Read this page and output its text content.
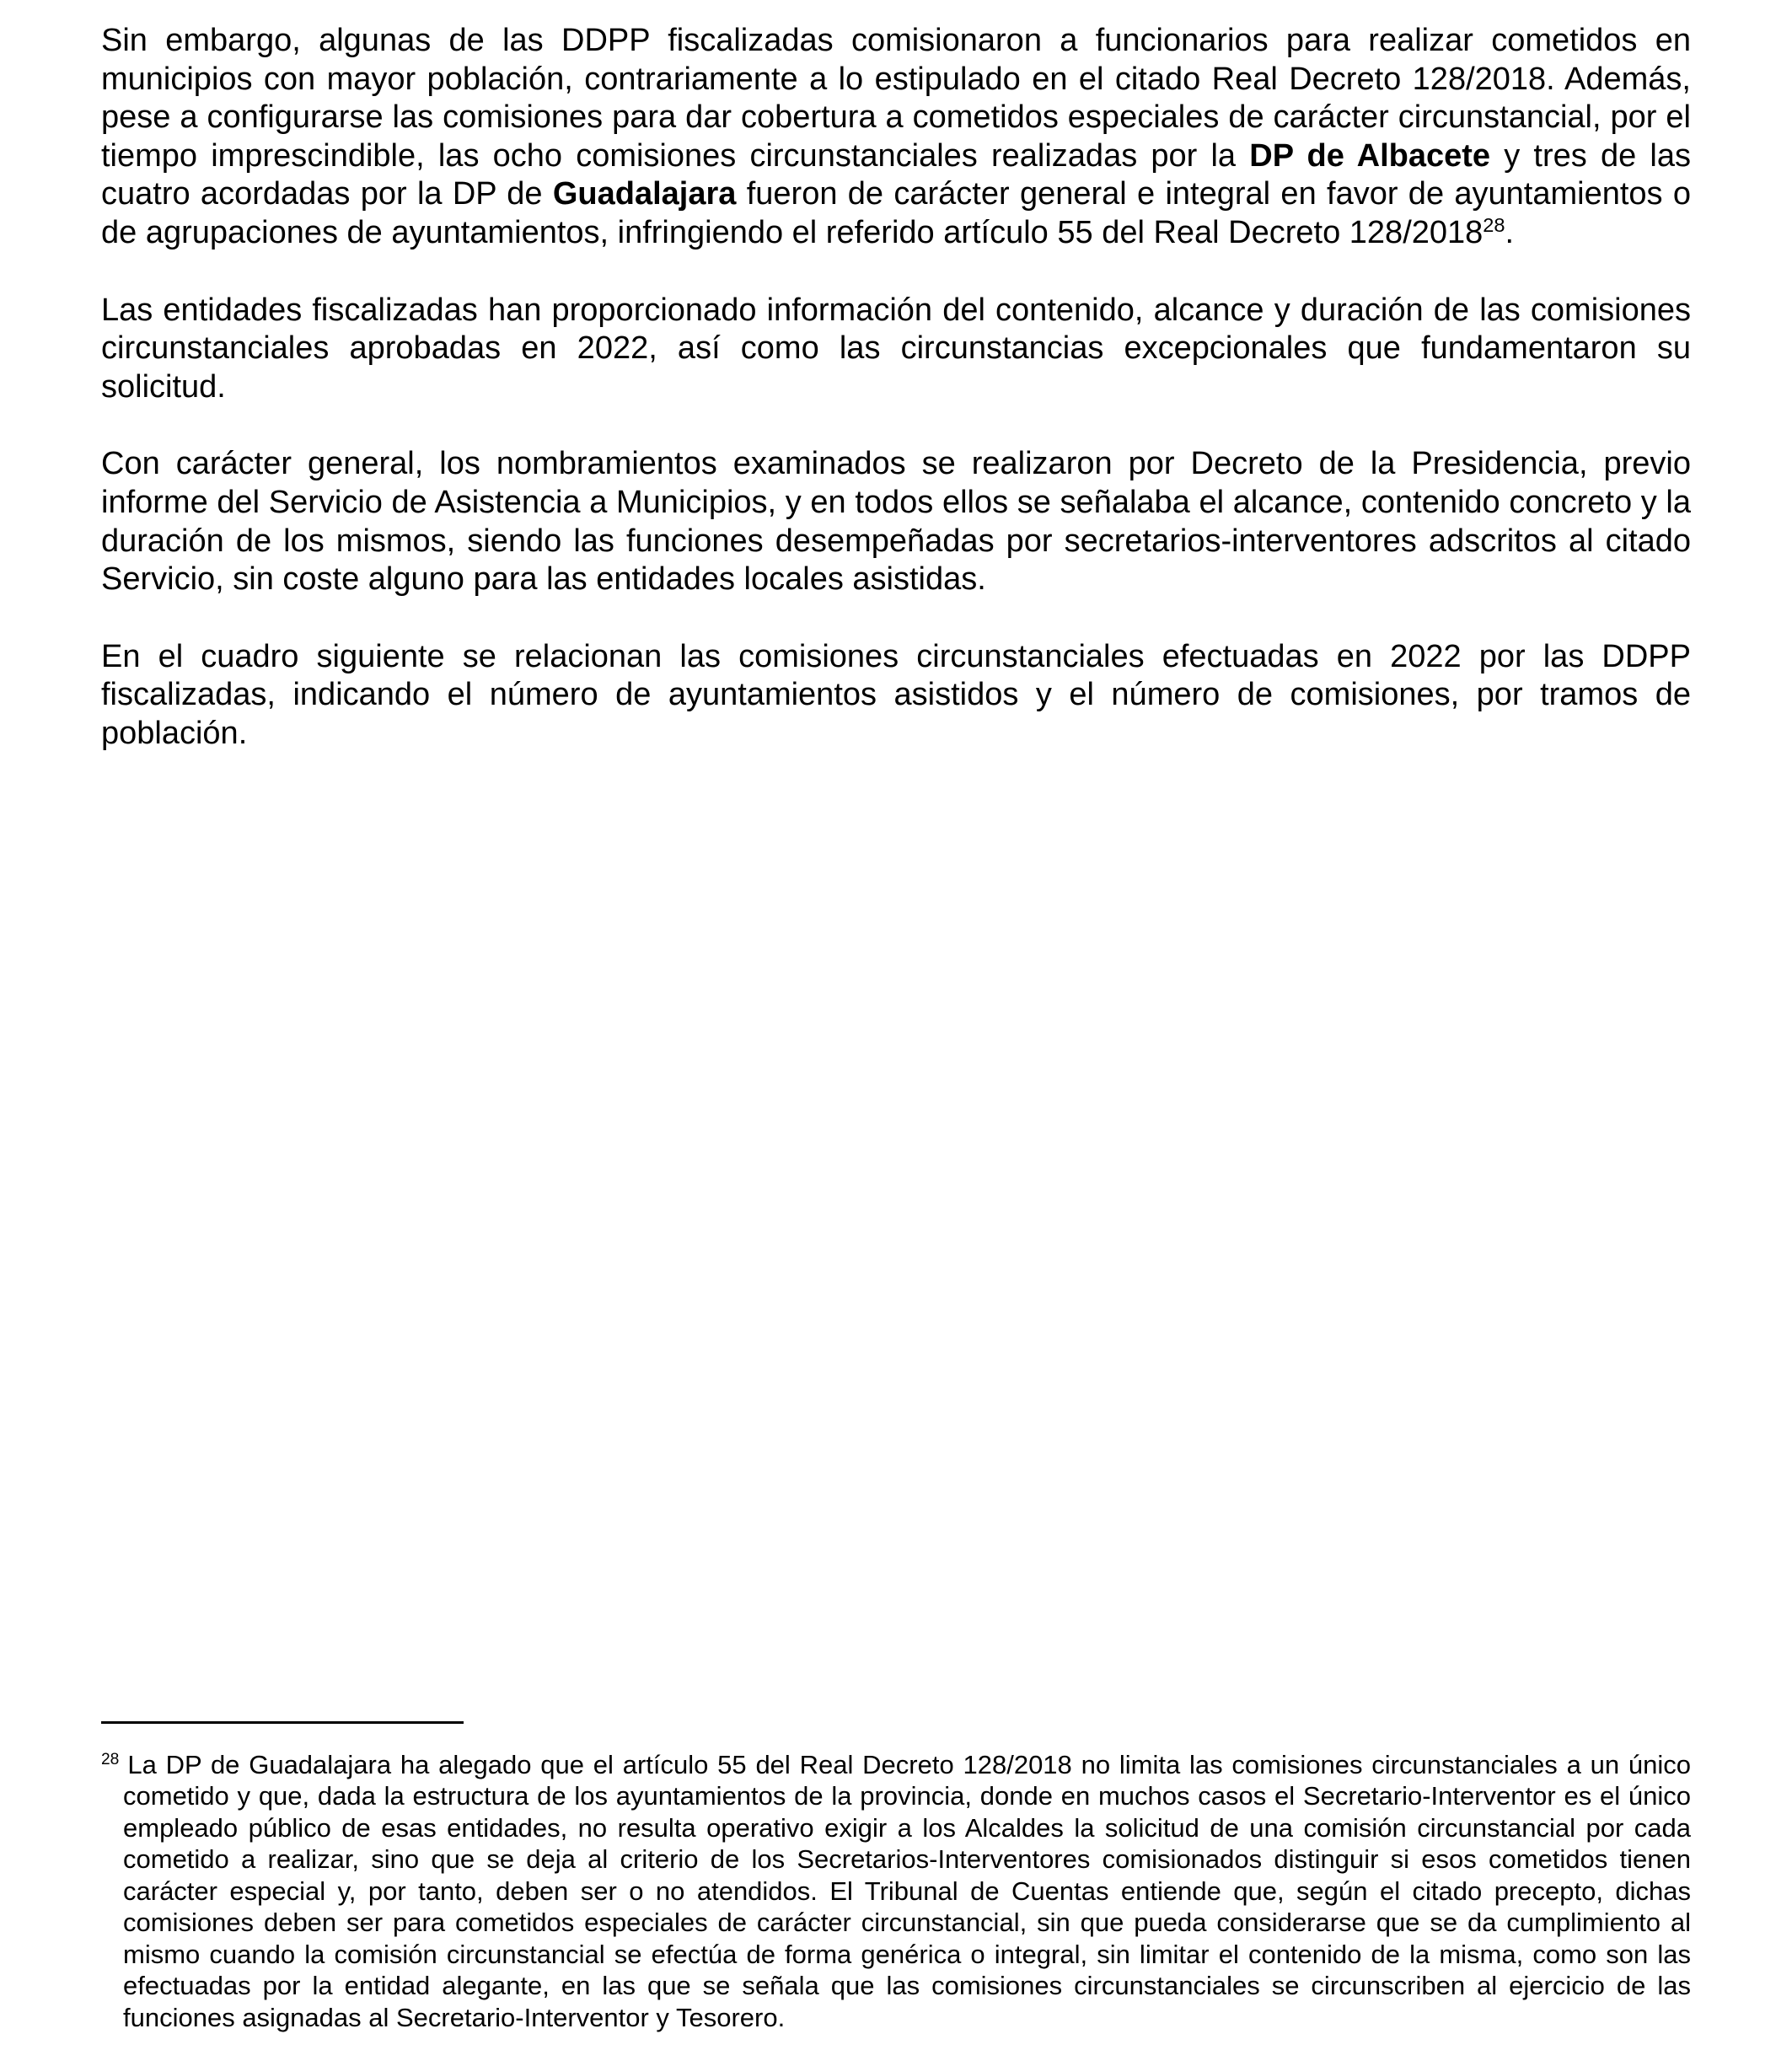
Sin embargo, algunas de las DDPP fiscalizadas comisionaron a funcionarios para realizar cometidos en municipios con mayor población, contrariamente a lo estipulado en el citado Real Decreto 128/2018. Además, pese a configurarse las comisiones para dar cobertura a cometidos especiales de carácter circunstancial, por el tiempo imprescindible, las ocho comisiones circunstanciales realizadas por la DP de Albacete y tres de las cuatro acordadas por la DP de Guadalajara fueron de carácter general e integral en favor de ayuntamientos o de agrupaciones de ayuntamientos, infringiendo el referido artículo 55 del Real Decreto 128/2018$^{28}$.

Las entidades fiscalizadas han proporcionado información del contenido, alcance y duración de las comisiones circunstanciales aprobadas en 2022, así como las circunstancias excepcionales que fundamentaron su solicitud.

Con carácter general, los nombramientos examinados se realizaron por Decreto de la Presidencia, previo informe del Servicio de Asistencia a Municipios, y en todos ellos se señalaba el alcance, contenido concreto y la duración de los mismos, siendo las funciones desempeñadas por secretarios-interventores adscritos al citado Servicio, sin coste alguno para las entidades locales asistidas.

En el cuadro siguiente se relacionan las comisiones circunstanciales efectuadas en 2022 por las DDPP fiscalizadas, indicando el número de ayuntamientos asistidos y el número de comisiones, por tramos de población.

$^{28}$ La DP de Guadalajara ha alegado que el artículo 55 del Real Decreto 128/2018 no limita las comisiones circunstanciales a un único cometido y que, dada la estructura de los ayuntamientos de la provincia, donde en muchos casos el Secretario-Interventor es el único empleado público de esas entidades, no resulta operativo exigir a los Alcaldes la solicitud de una comisión circunstancial por cada cometido a realizar, sino que se deja al criterio de los Secretarios-Interventores comisionados distinguir si esos cometidos tienen carácter especial y, por tanto, deben ser o no atendidos. El Tribunal de Cuentas entiende que, según el citado precepto, dichas comisiones deben ser para cometidos especiales de carácter circunstancial, sin que pueda considerarse que se da cumplimiento al mismo cuando la comisión circunstancial se efectúa de forma genérica o integral, sin limitar el contenido de la misma, como son las efectuadas por la entidad alegante, en las que se señala que las comisiones circunstanciales se circunscriben al ejercicio de las funciones asignadas al Secretario-Interventor y Tesorero.
